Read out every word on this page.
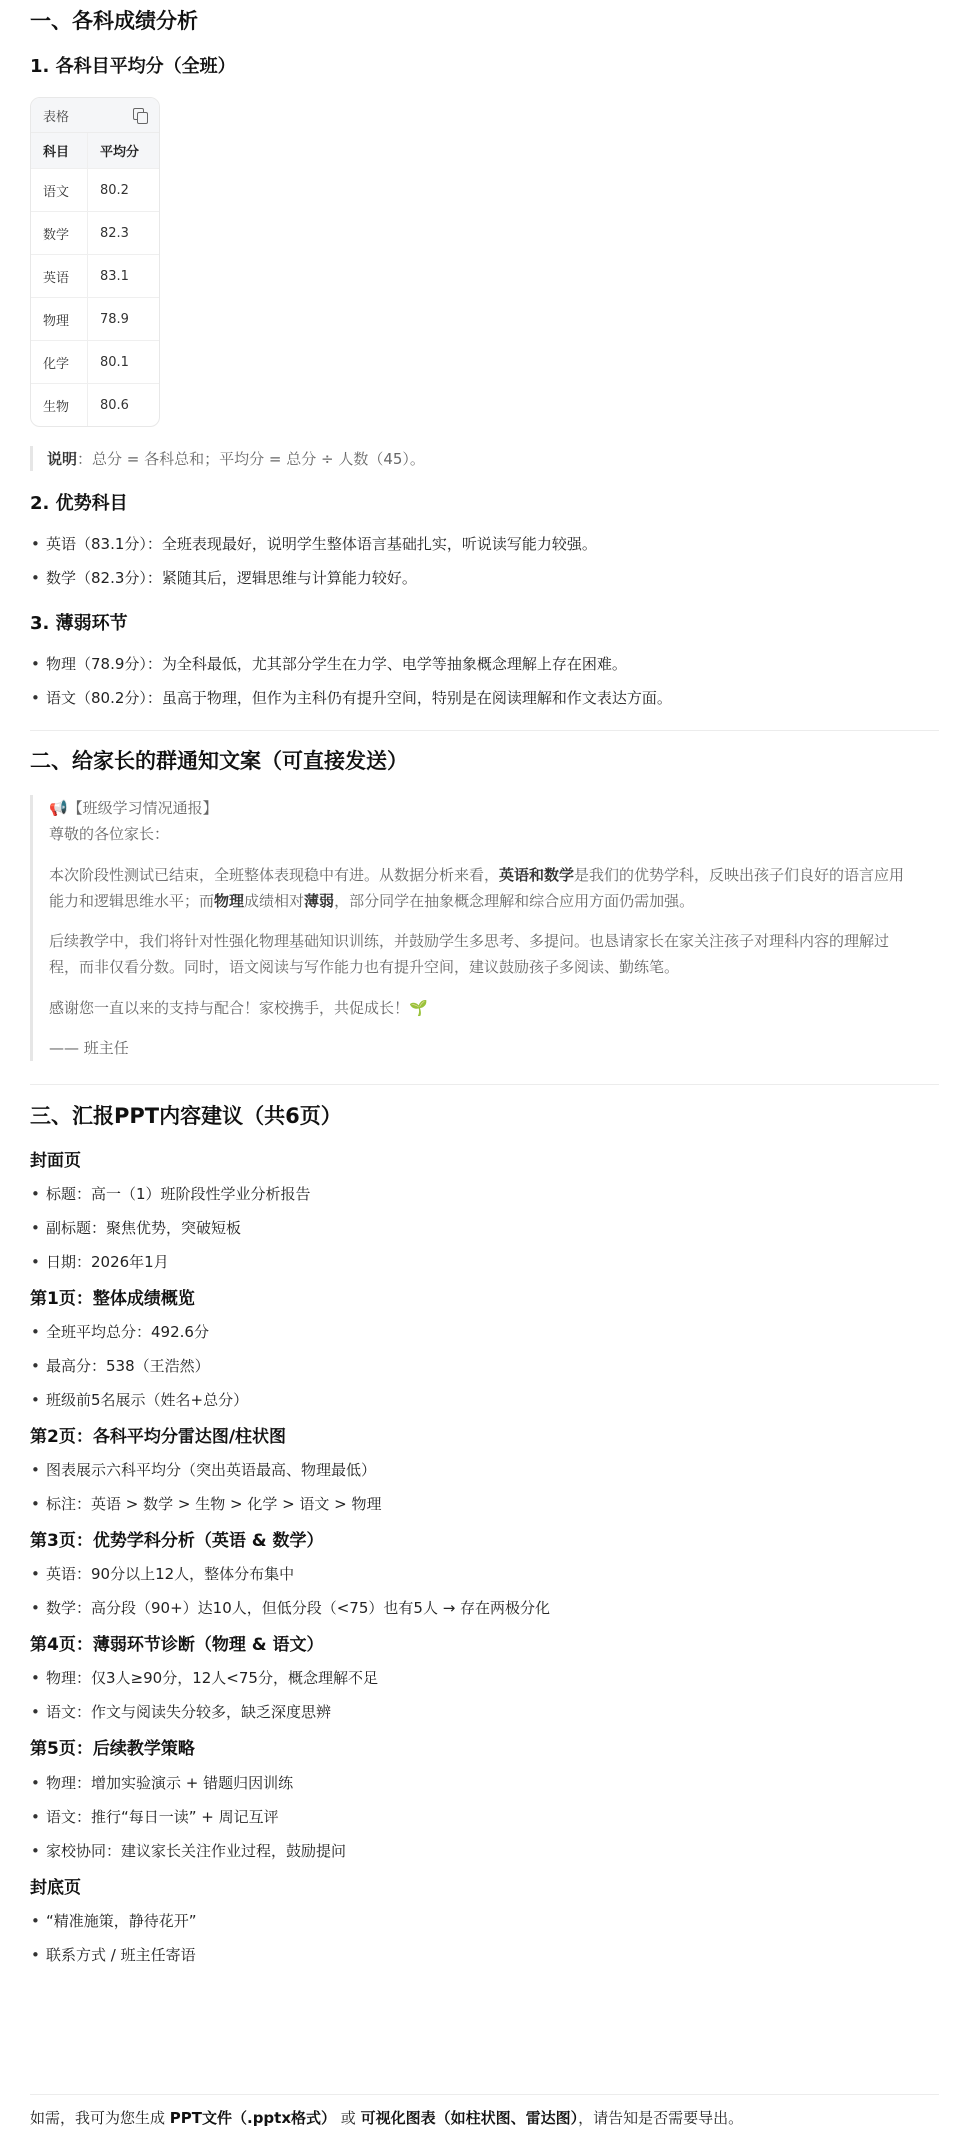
一、各科成绩分析
1. 各科目平均分（全班）
表格
科目	平均分
语文	80.2
数学	82.3
英语	83.1
物理	78.9
化学	80.1
生物	80.6
说明：总分 = 各科总和；平均分 = 总分 ÷ 人数（45）。
2. 优势科目
• 英语（83.1分）：全班表现最好，说明学生整体语言基础扎实，听说读写能力较强。
• 数学（82.3分）：紧随其后，逻辑思维与计算能力较好。
3. 薄弱环节
• 物理（78.9分）：为全科最低，尤其部分学生在力学、电学等抽象概念理解上存在困难。
• 语文（80.2分）：虽高于物理，但作为主科仍有提升空间，特别是在阅读理解和作文表达方面。
二、给家长的群通知文案（可直接发送）

📢【班级学习情况通报】

尊敬的各位家长：

本次阶段性测试已结束，全班整体表现稳中有进。从数据分析来看，英语和数学是我们的优势学科，反映出孩子们良好的语言应用能力和逻辑思维水平；而物理成绩相对薄弱，部分同学在抽象概念理解和综合应用方面仍需加强。

后续教学中，我们将针对性强化物理基础知识训练，并鼓励学生多思考、多提问。也恳请家长在家关注孩子对理科内容的理解过程，而非仅看分数。同时，语文阅读与写作能力也有提升空间，建议鼓励孩子多阅读、勤练笔。

感谢您一直以来的支持与配合！家校携手，共促成长！🌱

—— 班主任

三、汇报PPT内容建议（共6页）
封面页
• 标题：高一（1）班阶段性学业分析报告
• 副标题：聚焦优势，突破短板
• 日期：2026年1月
第1页：整体成绩概览
• 全班平均总分：492.6分
• 最高分：538（王浩然）
• 班级前5名展示（姓名+总分）
第2页：各科平均分雷达图/柱状图
• 图表展示六科平均分（突出英语最高、物理最低）
• 标注：英语 > 数学 > 生物 > 化学 > 语文 > 物理
第3页：优势学科分析（英语 & 数学）
• 英语：90分以上12人，整体分布集中
• 数学：高分段（90+）达10人，但低分段（<75）也有5人 → 存在两极分化
第4页：薄弱环节诊断（物理 & 语文）
• 物理：仅3人≥90分，12人<75分，概念理解不足
• 语文：作文与阅读失分较多，缺乏深度思辨
第5页：后续教学策略
• 物理：增加实验演示 + 错题归因训练
• 语文：推行“每日一读” + 周记互评
• 家校协同：建议家长关注作业过程，鼓励提问
封底页
• “精准施策，静待花开”
• 联系方式 / 班主任寄语

如需，我可为您生成 PPT文件（.pptx格式） 或 可视化图表（如柱状图、雷达图），请告知是否需要导出。
